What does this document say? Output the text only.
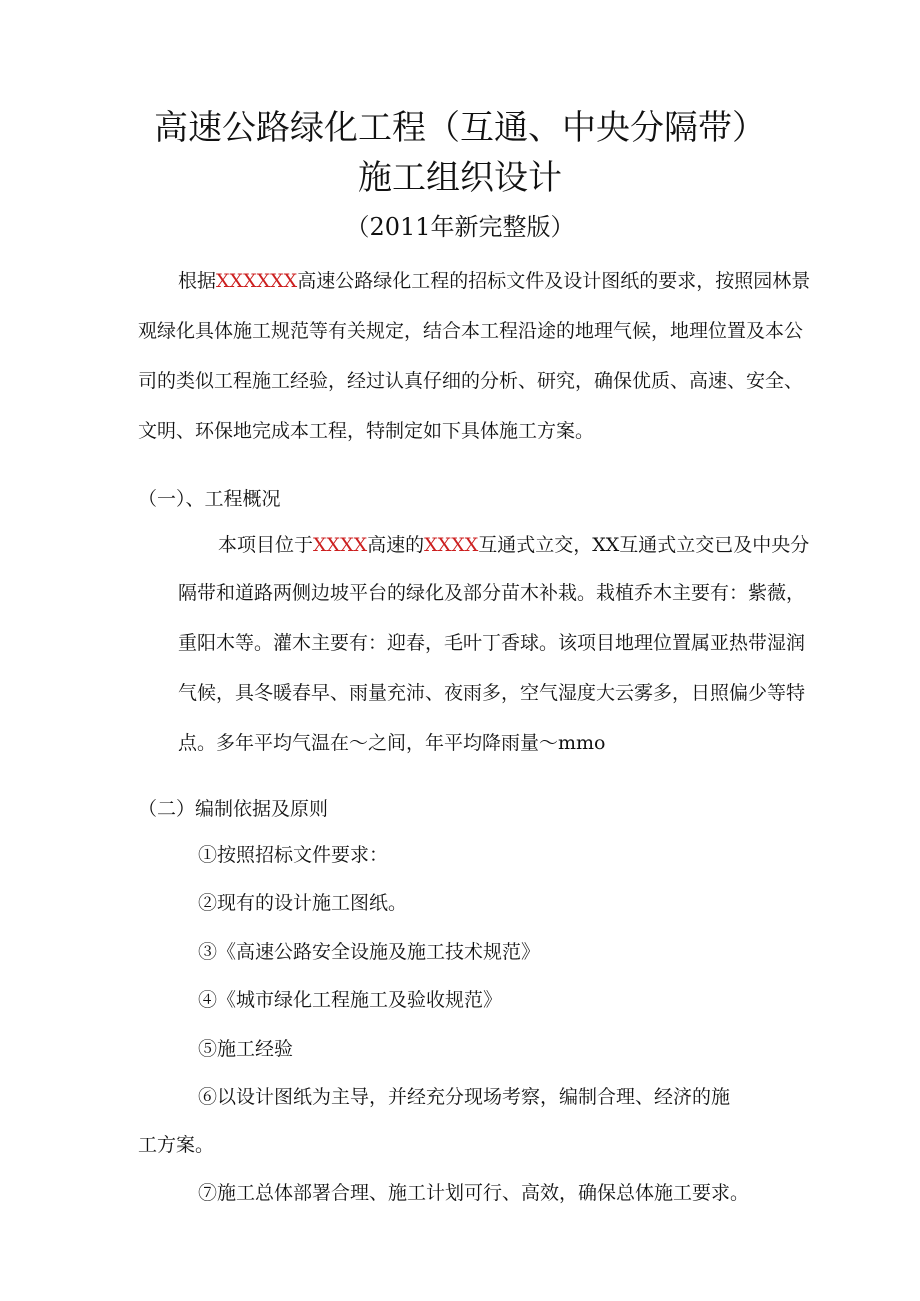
高速公路绿化工程（互通、中央分隔带）
施工组织设计
（2011年新完整版）
根据XXXXXX高速公路绿化工程的招标文件及设计图纸的要求，按照园林景
观绿化具体施工规范等有关规定，结合本工程沿途的地理气候，地理位置及本公
司的类似工程施工经验，经过认真仔细的分析、研究，确保优质、高速、安全、
文明、环保地完成本工程，特制定如下具体施工方案。
（一）、工程概况
本项目位于XXXX高速的XXXX互通式立交，XX互通式立交已及中央分
隔带和道路两侧边坡平台的绿化及部分苗木补栽。栽植乔木主要有：紫薇，
重阳木等。灌木主要有：迎春，毛叶丁香球。该项目地理位置属亚热带湿润
气候，具冬暖春早、雨量充沛、夜雨多，空气湿度大云雾多，日照偏少等特
点。多年平均气温在～之间，年平均降雨量～mmo
（二）编制依据及原则
①按照招标文件要求：
②现有的设计施工图纸。
③《高速公路安全设施及施工技术规范》
④《城市绿化工程施工及验收规范》
⑤施工经验
⑥以设计图纸为主导，并经充分现场考察，编制合理、经济的施
工方案。
⑦施工总体部署合理、施工计划可行、高效，确保总体施工要求。
